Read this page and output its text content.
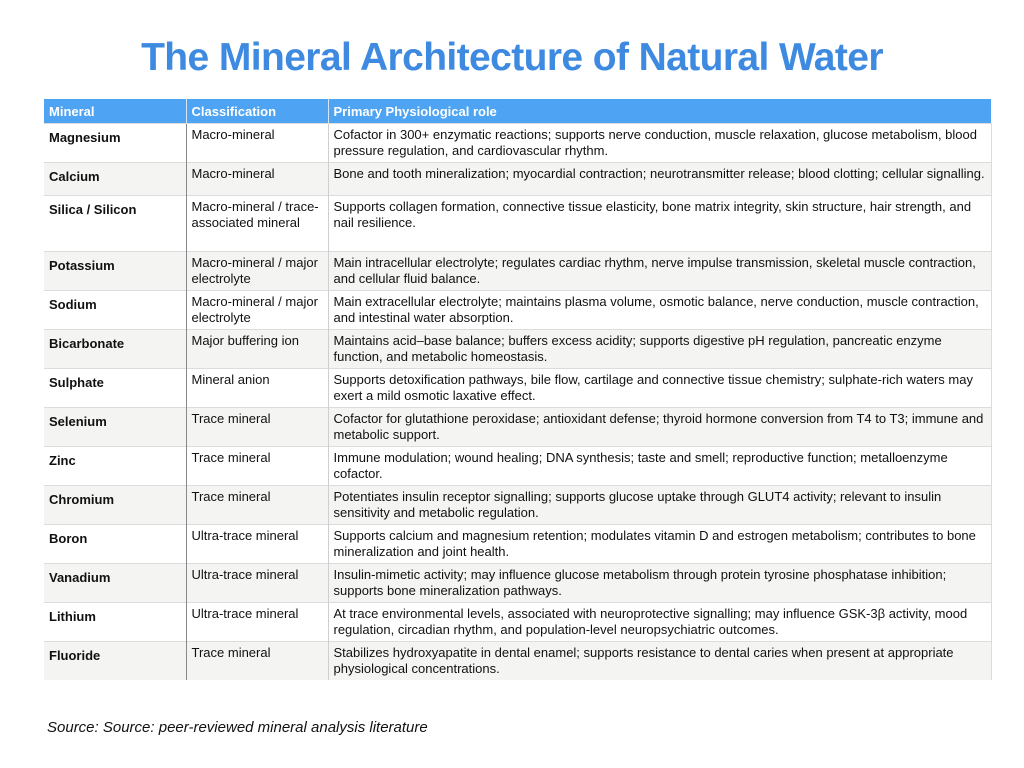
The Mineral Architecture of Natural Water
Mineral	Classification	Primary Physiological role
Magnesium	Macro-mineral	Cofactor in 300+ enzymatic reactions; supports nerve conduction, muscle relaxation, glucose metabolism, blood pressure regulation, and cardiovascular rhythm.
Calcium	Macro-mineral	Bone and tooth mineralization; myocardial contraction; neurotransmitter release; blood clotting; cellular signalling.
Silica / Silicon	Macro-mineral / trace-associated mineral	Supports collagen formation, connective tissue elasticity, bone matrix integrity, skin structure, hair strength, and nail resilience.
Potassium	Macro-mineral / major electrolyte	Main intracellular electrolyte; regulates cardiac rhythm, nerve impulse transmission, skeletal muscle contraction, and cellular fluid balance.
Sodium	Macro-mineral / major electrolyte	Main extracellular electrolyte; maintains plasma volume, osmotic balance, nerve conduction, muscle contraction, and intestinal water absorption.
Bicarbonate	Major buffering ion	Maintains acid–base balance; buffers excess acidity; supports digestive pH regulation, pancreatic enzyme function, and metabolic homeostasis.
Sulphate	Mineral anion	Supports detoxification pathways, bile flow, cartilage and connective tissue chemistry; sulphate-rich waters may exert a mild osmotic laxative effect.
Selenium	Trace mineral	Cofactor for glutathione peroxidase; antioxidant defense; thyroid hormone conversion from T4 to T3; immune and metabolic support.
Zinc	Trace mineral	Immune modulation; wound healing; DNA synthesis; taste and smell; reproductive function; metalloenzyme cofactor.
Chromium	Trace mineral	Potentiates insulin receptor signalling; supports glucose uptake through GLUT4 activity; relevant to insulin sensitivity and metabolic regulation.
Boron	Ultra-trace mineral	Supports calcium and magnesium retention; modulates vitamin D and estrogen metabolism; contributes to bone mineralization and joint health.
Vanadium	Ultra-trace mineral	Insulin-mimetic activity; may influence glucose metabolism through protein tyrosine phosphatase inhibition; supports bone mineralization pathways.
Lithium	Ultra-trace mineral	At trace environmental levels, associated with neuroprotective signalling; may influence GSK-3β activity, mood regulation, circadian rhythm, and population-level neuropsychiatric outcomes.
Fluoride	Trace mineral	Stabilizes hydroxyapatite in dental enamel; supports resistance to dental caries when present at appropriate physiological concentrations.

Source: Source: peer-reviewed mineral analysis literature
